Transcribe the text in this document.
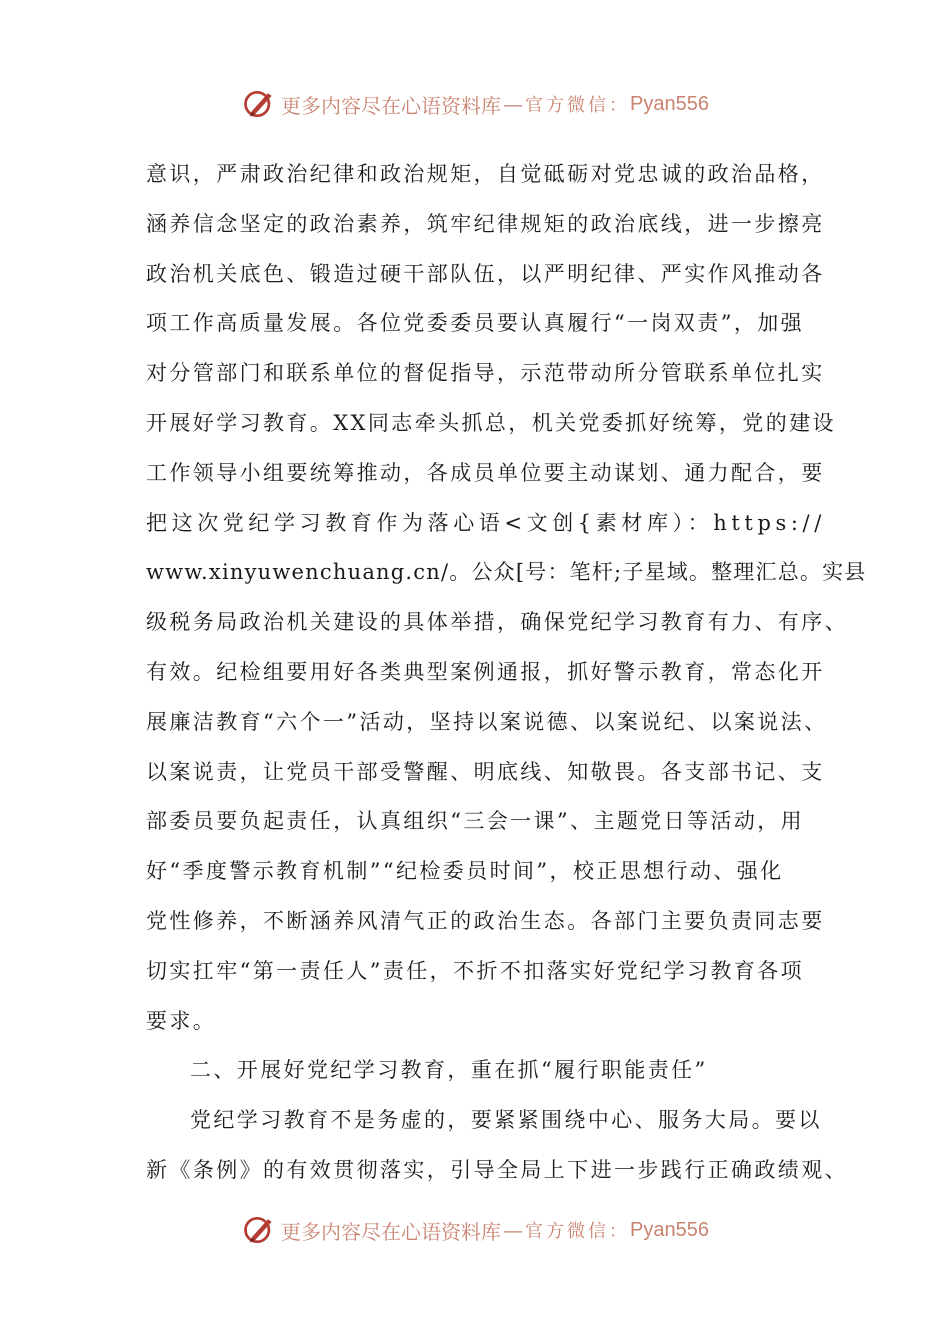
更多内容尽在心语资料库 — 官方微信： Pyan556
意识，严肃政治纪律和政治规矩，自觉砥砺对党忠诚的政治品格，
涵养信念坚定的政治素养，筑牢纪律规矩的政治底线，进一步擦亮
政治机关底色、锻造过硬干部队伍，以严明纪律、严实作风推动各
项工作高质量发展。各位党委委员要认真履行“一岗双责”，加强
对分管部门和联系单位的督促指导，示范带动所分管联系单位扎实
开展好学习教育。XX同志牵头抓总，机关党委抓好统筹，党的建设
工作领导小组要统筹推动，各成员单位要主动谋划、通力配合，要
把这次党纪学习教育作为落心语<文创{素材库）：https://
www.xinyuwenchuang.cn/。公众[号：笔杆;子星域。整理汇总。实县
级税务局政治机关建设的具体举措，确保党纪学习教育有力、有序、
有效。纪检组要用好各类典型案例通报，抓好警示教育，常态化开
展廉洁教育“六个一”活动，坚持以案说德、以案说纪、以案说法、
以案说责，让党员干部受警醒、明底线、知敬畏。各支部书记、支
部委员要负起责任，认真组织“三会一课”、主题党日等活动，用
好“季度警示教育机制”“纪检委员时间”，校正思想行动、强化
党性修养，不断涵养风清气正的政治生态。各部门主要负责同志要
切实扛牢“第一责任人”责任，不折不扣落实好党纪学习教育各项
要求。
二、开展好党纪学习教育，重在抓“履行职能责任”
党纪学习教育不是务虚的，要紧紧围绕中心、服务大局。要以
新《条例》的有效贯彻落实，引导全局上下进一步践行正确政绩观、
更多内容尽在心语资料库 — 官方微信： Pyan556
